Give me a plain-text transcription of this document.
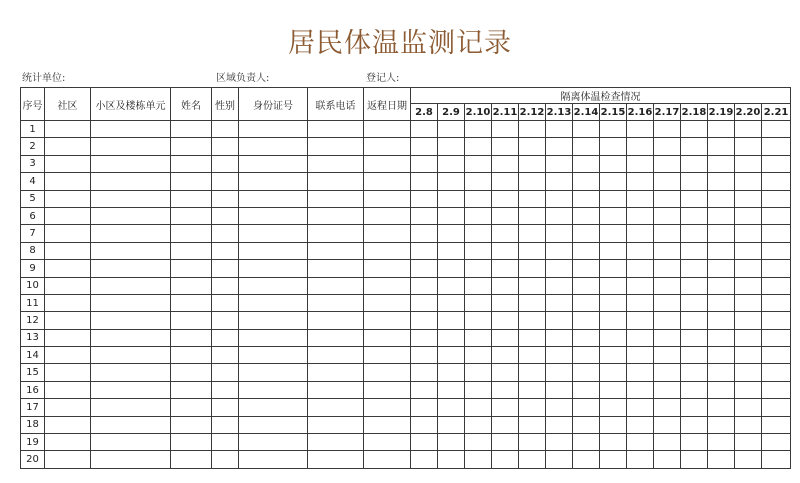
居民体温监测记录
统计单位:	区域负责人:	登记人:
序号	社区	小区及楼栋单元	姓名	性别	身份证号	联系电话	返程日期	隔离体温检查情况													
								2.8	2.9	2.10	2.11	2.12	2.13	2.14	2.15	2.16	2.17	2.18	2.19	2.20	2.21
1																					
2																					
3																					
4																					
5																					
6																					
7																					
8																					
9																					
10																					
11																					
12																					
13																					
14																					
15																					
16																					
17																					
18																					
19																					
20																					
